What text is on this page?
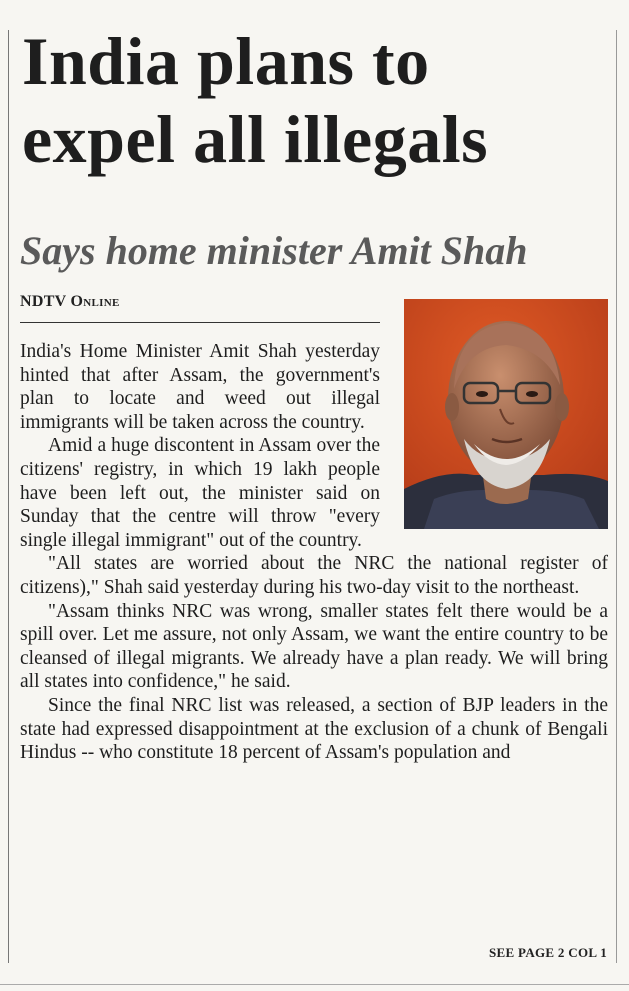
India plans to
expel all illegals
Says home minister Amit Shah
NDTV Online

India's Home Minister Amit Shah yesterday hinted that after Assam, the government's plan to locate and weed out illegal immigrants will be taken across the country.

Amid a huge discontent in Assam over the citizens' registry, in which 19 lakh people have been left out, the minister said on Sunday that the centre will throw "every single illegal immigrant" out of the country.

"All states are worried about the NRC the national register of citizens)," Shah said yesterday during his two-day visit to the northeast.

"Assam thinks NRC was wrong, smaller states felt there would be a spill over. Let me assure, not only Assam, we want the entire country to be cleansed of illegal migrants. We already have a plan ready. We will bring all states into confidence," he said.

Since the final NRC list was released, a section of BJP leaders in the state had expressed disappointment at the exclusion of a chunk of Bengali Hindus -- who constitute 18 percent of Assam's population and

SEE PAGE 2 COL 1
